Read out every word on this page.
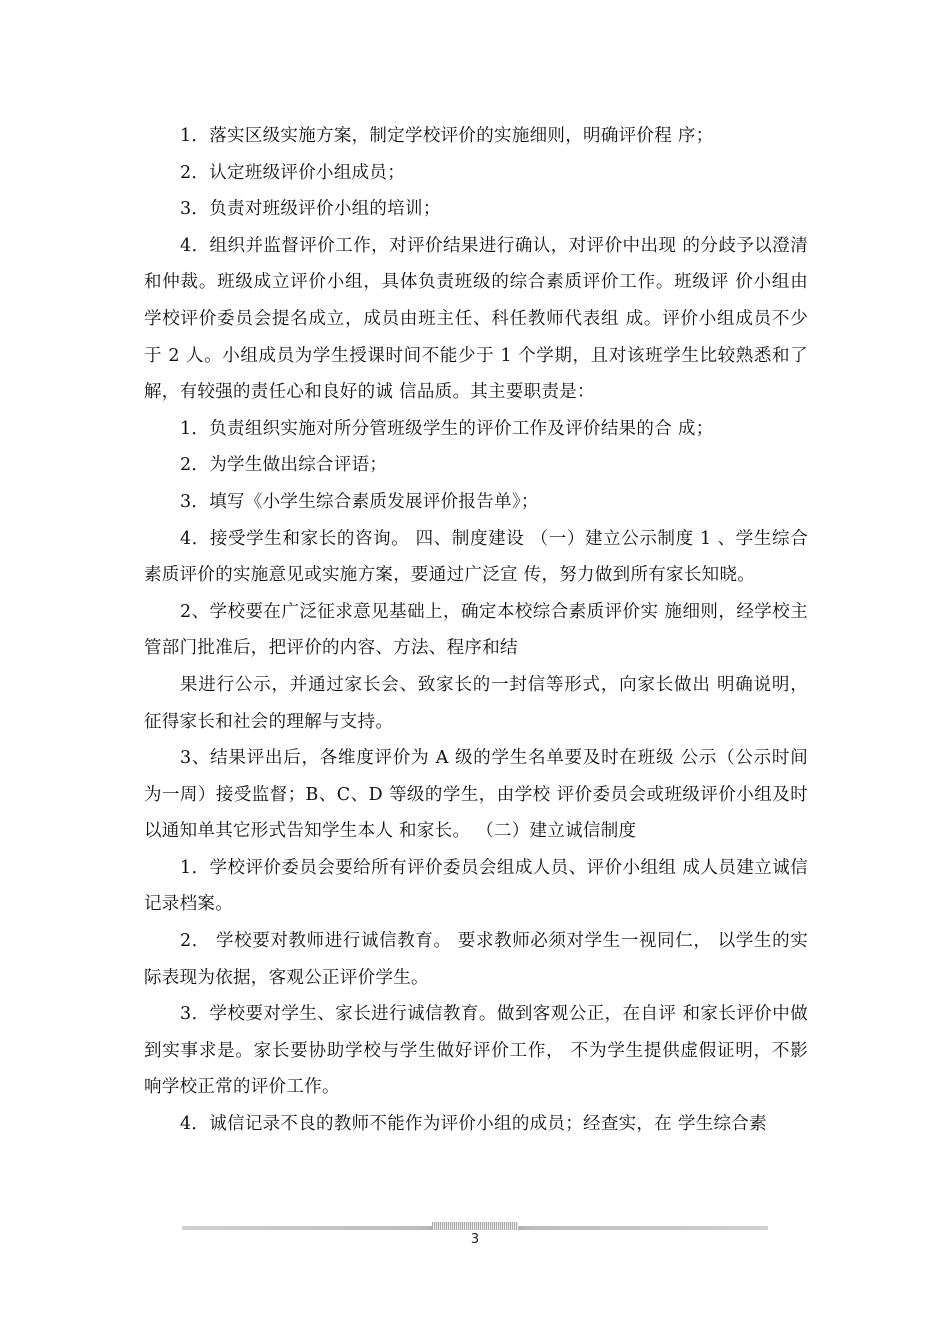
1．落实区级实施方案，制定学校评价的实施细则，明确评价程 序；

2．认定班级评价小组成员；

3．负责对班级评价小组的培训；

4．组织并监督评价工作，对评价结果进行确认，对评价中出现 的分歧予以澄清和仲裁。班级成立评价小组，具体负责班级的综合素质评价工作。班级评 价小组由学校评价委员会提名成立，成员由班主任、科任教师代表组 成。评价小组成员不少于 2 人。小组成员为学生授课时间不能少于 1 个学期，且对该班学生比较熟悉和了解，有较强的责任心和良好的诚 信品质。其主要职责是：

1．负责组织实施对所分管班级学生的评价工作及评价结果的合 成；

2．为学生做出综合评语；

3．填写《小学生综合素质发展评价报告单》；

4．接受学生和家长的咨询。 四、制度建设 （一）建立公示制度 1 、学生综合素质评价的实施意见或实施方案，要通过广泛宣 传，努力做到所有家长知晓。

2、学校要在广泛征求意见基础上，确定本校综合素质评价实 施细则，经学校主管部门批准后，把评价的内容、方法、程序和结

果进行公示，并通过家长会、致家长的一封信等形式，向家长做出 明确说明，征得家长和社会的理解与支持。

3、结果评出后，各维度评价为 A 级的学生名单要及时在班级 公示（公示时间为一周）接受监督；B、C、D 等级的学生，由学校 评价委员会或班级评价小组及时以通知单其它形式告知学生本人 和家长。 （二）建立诚信制度

1．学校评价委员会要给所有评价委员会组成人员、评价小组组 成人员建立诚信记录档案。

2． 学校要对教师进行诚信教育。 要求教师必须对学生一视同仁， 以学生的实际表现为依据，客观公正评价学生。

3．学校要对学生、家长进行诚信教育。做到客观公正，在自评 和家长评价中做到实事求是。家长要协助学校与学生做好评价工作， 不为学生提供虚假证明，不影响学校正常的评价工作。

4．诚信记录不良的教师不能作为评价小组的成员；经查实，在 学生综合素

3
